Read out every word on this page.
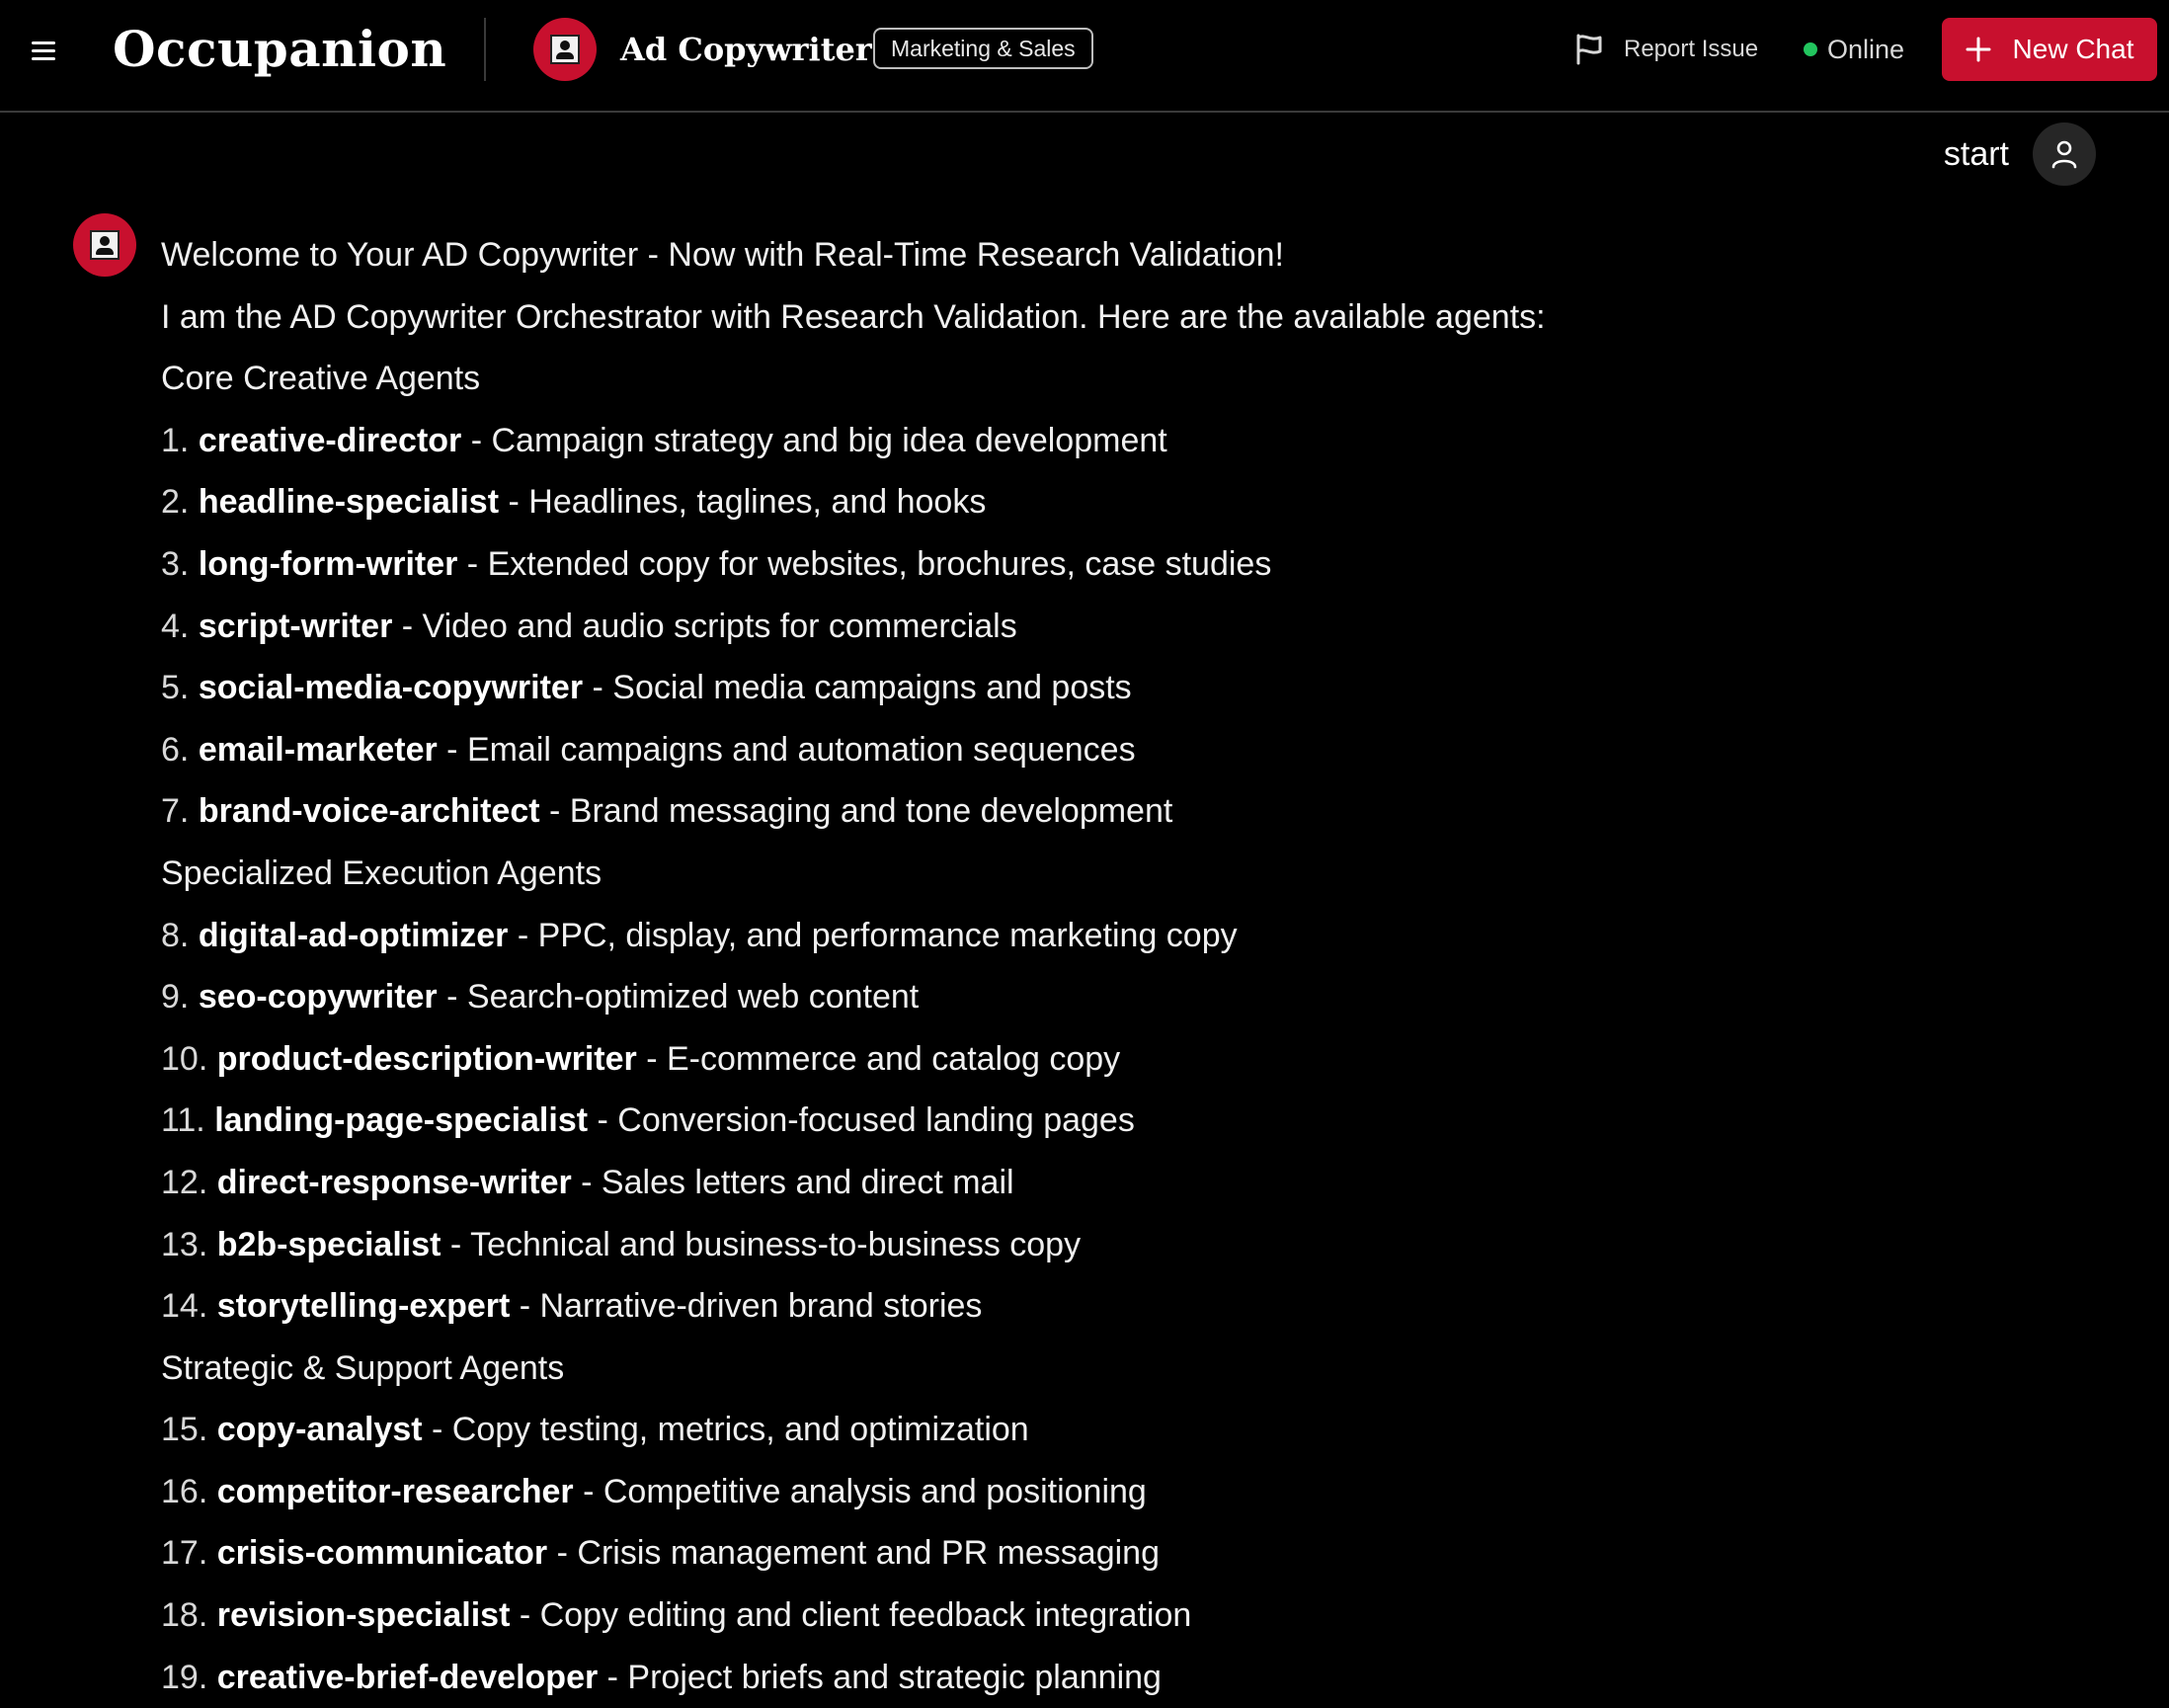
Occupanion	Ad Copywriter Marketing & Sales	Report Issue	Online	New Chat
start
Welcome to Your AD Copywriter - Now with Real-Time Research Validation!
I am the AD Copywriter Orchestrator with Research Validation. Here are the available agents:
Core Creative Agents
1. creative-director - Campaign strategy and big idea development
2. headline-specialist - Headlines, taglines, and hooks
3. long-form-writer - Extended copy for websites, brochures, case studies
4. script-writer - Video and audio scripts for commercials
5. social-media-copywriter - Social media campaigns and posts
6. email-marketer - Email campaigns and automation sequences
7. brand-voice-architect - Brand messaging and tone development
Specialized Execution Agents
8. digital-ad-optimizer - PPC, display, and performance marketing copy
9. seo-copywriter - Search-optimized web content
10. product-description-writer - E-commerce and catalog copy
11. landing-page-specialist - Conversion-focused landing pages
12. direct-response-writer - Sales letters and direct mail
13. b2b-specialist - Technical and business-to-business copy
14. storytelling-expert - Narrative-driven brand stories
Strategic & Support Agents
15. copy-analyst - Copy testing, metrics, and optimization
16. competitor-researcher - Competitive analysis and positioning
17. crisis-communicator - Crisis management and PR messaging
18. revision-specialist - Copy editing and client feedback integration
19. creative-brief-developer - Project briefs and strategic planning
